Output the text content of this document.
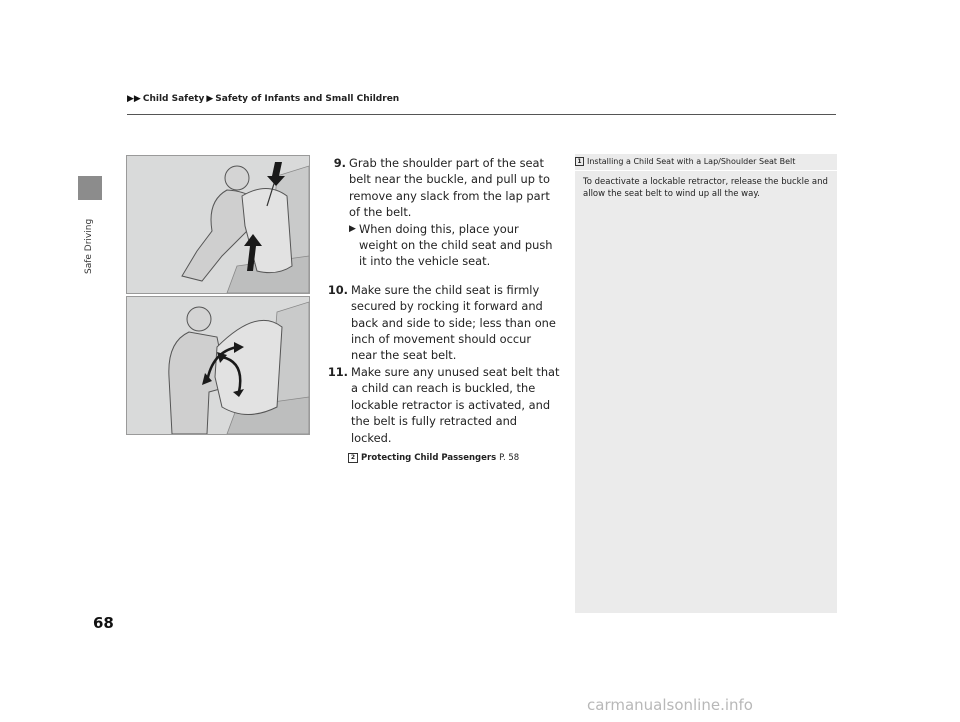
Safe Driving
▶▶ Child Safety ▶ Safety of Infants and Small Children
9. Grab the shoulder part of the seat belt near the buckle, and pull up to remove any slack from the lap part of the belt.
▶ When doing this, place your weight on the child seat and push it into the vehicle seat.
10. Make sure the child seat is firmly secured by rocking it forward and back and side to side; less than one inch of movement should occur near the seat belt.
11. Make sure any unused seat belt that a child can reach is buckled, the lockable retractor is activated, and the belt is fully retracted and locked.
2 Protecting Child Passengers P. 58
1 Installing a Child Seat with a Lap/Shoulder Seat Belt
To deactivate a lockable retractor, release the buckle and allow the seat belt to wind up all the way.
68
carmanualsonline.info
